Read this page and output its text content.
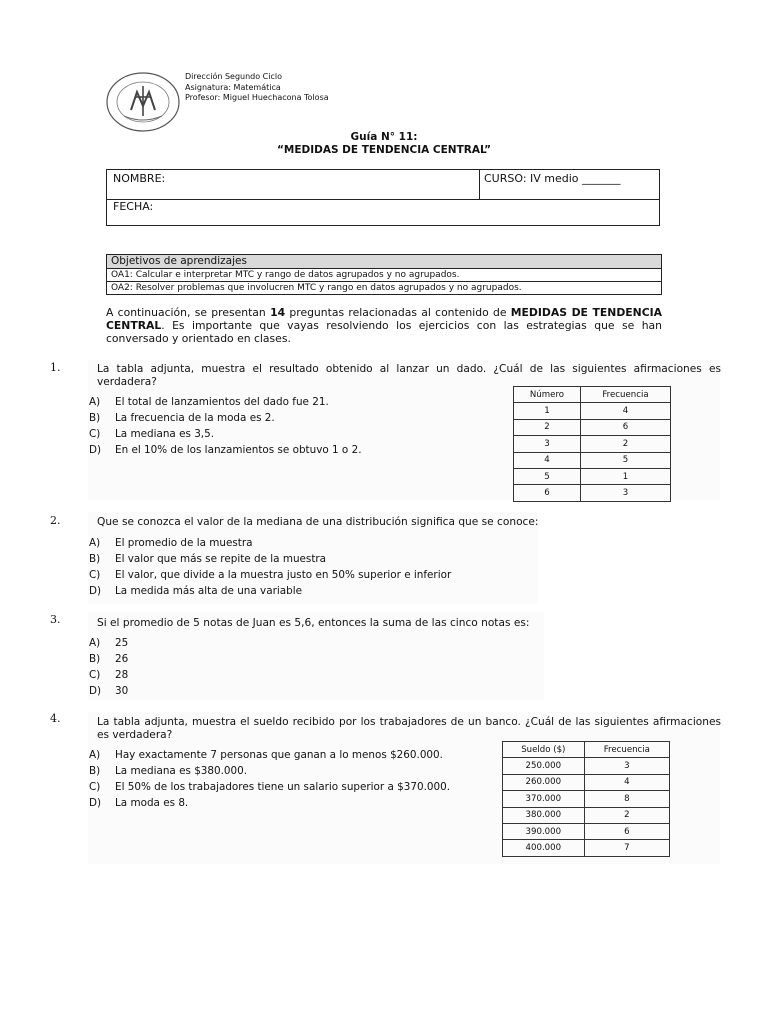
Dirección Segundo Ciclo
Asignatura: Matemática
Profesor: Miguel Huechacona Tolosa
Guía N° 11:
“MEDIDAS DE TENDENCIA CENTRAL”
NOMBRE:	CURSO: IV medio _______
FECHA:
Objetivos de aprendizajes
OA1: Calcular e interpretar MTC y rango de datos agrupados y no agrupados.
OA2: Resolver problemas que involucren MTC y rango en datos agrupados y no agrupados.
A continuación, se presentan 14 preguntas relacionadas al contenido de MEDIDAS DE TENDENCIA CENTRAL. Es importante que vayas resolviendo los ejercicios con las estrategias que se han conversado y orientado en clases.
1.	La tabla adjunta, muestra el resultado obtenido al lanzar un dado. ¿Cuál de las siguientes afirmaciones es verdadera?
A) El total de lanzamientos del dado fue 21.
B) La frecuencia de la moda es 2.
C) La mediana es 3,5.
D) En el 10% de los lanzamientos se obtuvo 1 o 2.
Número	Frecuencia
1	4
2	6
3	2
4	5
5	1
6	3
2.	Que se conozca el valor de la mediana de una distribución significa que se conoce:
A) El promedio de la muestra
B) El valor que más se repite de la muestra
C) El valor, que divide a la muestra justo en 50% superior e inferior
D) La medida más alta de una variable
3.	Si el promedio de 5 notas de Juan es 5,6, entonces la suma de las cinco notas es:
A) 25
B) 26
C) 28
D) 30
4.	La tabla adjunta, muestra el sueldo recibido por los trabajadores de un banco. ¿Cuál de las siguientes afirmaciones es verdadera?
A) Hay exactamente 7 personas que ganan a lo menos $260.000.
B) La mediana es $380.000.
C) El 50% de los trabajadores tiene un salario superior a $370.000.
D) La moda es 8.
Sueldo ($)	Frecuencia
250.000	3
260.000	4
370.000	8
380.000	2
390.000	6
400.000	7
